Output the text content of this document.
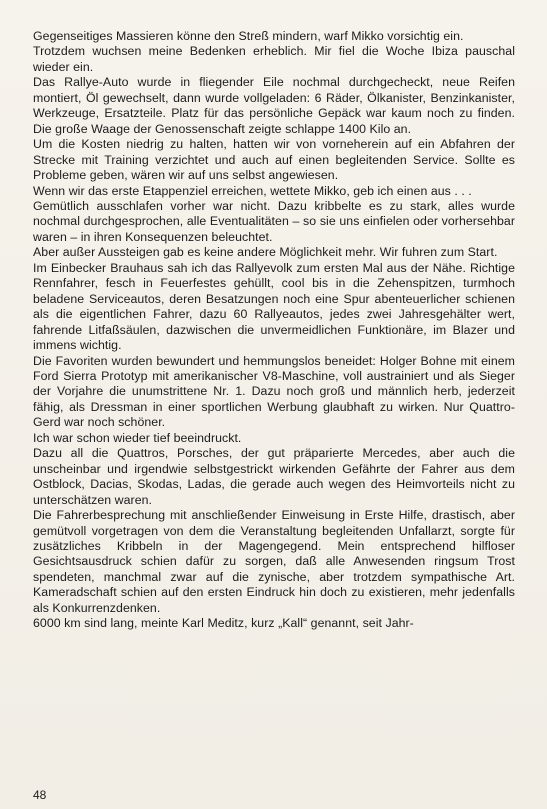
Gegenseitiges Massieren könne den Streß mindern, warf Mikko vorsichtig ein.

Trotzdem wuchsen meine Bedenken erheblich. Mir fiel die Woche Ibiza pauschal wieder ein.

Das Rallye-Auto wurde in fliegender Eile nochmal durchgecheckt, neue Reifen montiert, Öl gewechselt, dann wurde vollgeladen: 6 Räder, Ölkanister, Benzinkanister, Werkzeuge, Ersatzteile. Platz für das persönliche Gepäck war kaum noch zu finden. Die große Waage der Genossenschaft zeigte schlappe 1400 Kilo an.

Um die Kosten niedrig zu halten, hatten wir von vorneherein auf ein Abfahren der Strecke mit Training verzichtet und auch auf einen begleitenden Service. Sollte es Probleme geben, wären wir auf uns selbst angewiesen.

Wenn wir das erste Etappenziel erreichen, wettete Mikko, geb ich einen aus . . .

Gemütlich ausschlafen vorher war nicht. Dazu kribbelte es zu stark, alles wurde nochmal durchgesprochen, alle Eventualitäten – so sie uns einfielen oder vorhersehbar waren – in ihren Konsequenzen beleuchtet.

Aber außer Aussteigen gab es keine andere Möglichkeit mehr. Wir fuhren zum Start.

Im Einbecker Brauhaus sah ich das Rallyevolk zum ersten Mal aus der Nähe. Richtige Rennfahrer, fesch in Feuerfestes gehüllt, cool bis in die Zehenspitzen, turmhoch beladene Serviceautos, deren Besatzungen noch eine Spur abenteuerlicher schienen als die eigentlichen Fahrer, dazu 60 Rallyeautos, jedes zwei Jahresgehälter wert, fahrende Litfaßsäulen, dazwischen die unvermeidlichen Funktionäre, im Blazer und immens wichtig.

Die Favoriten wurden bewundert und hemmungslos beneidet: Holger Bohne mit einem Ford Sierra Prototyp mit amerikanischer V8-Maschine, voll austrainiert und als Sieger der Vorjahre die unumstrittene Nr. 1. Dazu noch groß und männlich herb, jederzeit fähig, als Dressman in einer sportlichen Werbung glaubhaft zu wirken. Nur Quattro-Gerd war noch schöner.

Ich war schon wieder tief beeindruckt.

Dazu all die Quattros, Porsches, der gut präparierte Mercedes, aber auch die unscheinbar und irgendwie selbstgestrickt wirkenden Gefährte der Fahrer aus dem Ostblock, Dacias, Skodas, Ladas, die gerade auch wegen des Heimvorteils nicht zu unterschätzen waren.

Die Fahrerbesprechung mit anschließender Einweisung in Erste Hilfe, drastisch, aber gemütvoll vorgetragen von dem die Veranstaltung begleitenden Unfallarzt, sorgte für zusätzliches Kribbeln in der Magengegend. Mein entsprechend hilfloser Gesichtsausdruck schien dafür zu sorgen, daß alle Anwesenden ringsum Trost spendeten, manchmal zwar auf die zynische, aber trotzdem sympathische Art. Kameradschaft schien auf den ersten Eindruck hin doch zu existieren, mehr jedenfalls als Konkurrenzdenken.

6000 km sind lang, meinte Karl Meditz, kurz „Kall“ genannt, seit Jahr-

48
